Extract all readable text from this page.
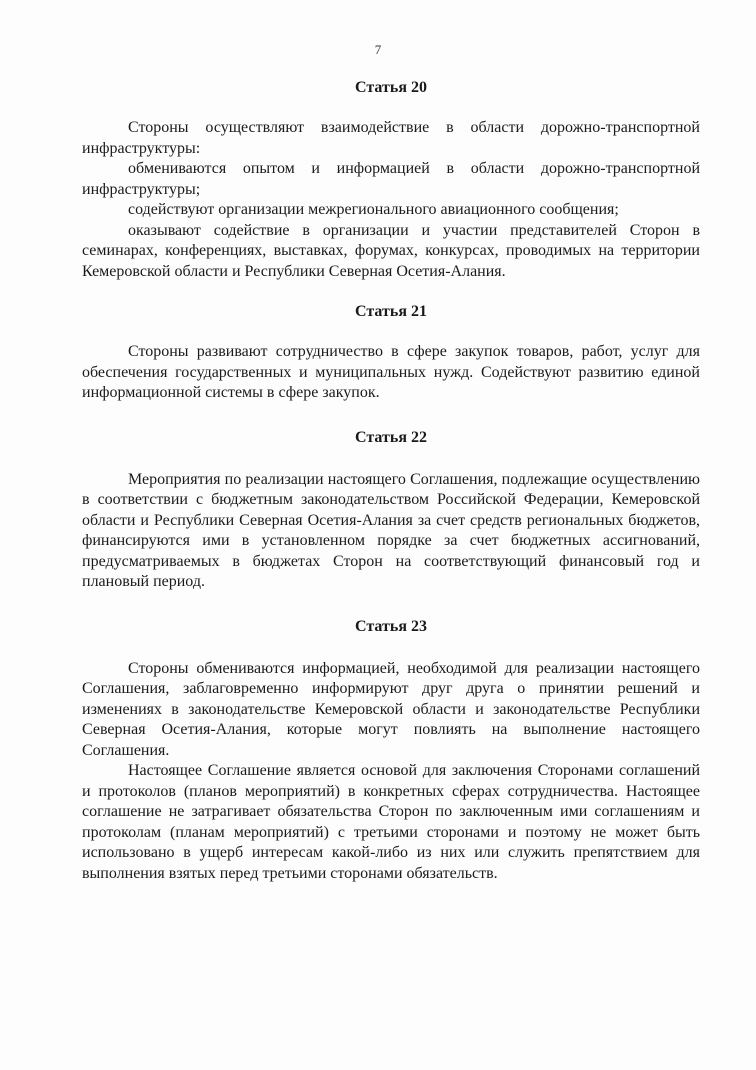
7

Статья 20

Стороны осуществляют взаимодействие в области дорожно-транспортной инфраструктуры:

обмениваются опытом и информацией в области дорожно-транспортной инфраструктуры;

содействуют организации межрегионального авиационного сообщения;

оказывают содействие в организации и участии представителей Сторон в семинарах, конференциях, выставках, форумах, конкурсах, проводимых на территории Кемеровской области и Республики Северная Осетия-Алания.

Статья 21

Стороны развивают сотрудничество в сфере закупок товаров, работ, услуг для обеспечения государственных и муниципальных нужд. Содействуют развитию единой информационной системы в сфере закупок.

Статья 22

Мероприятия по реализации настоящего Соглашения, подлежащие осуществлению в соответствии с бюджетным законодательством Российской Федерации, Кемеровской области и Республики Северная Осетия-Алания за счет средств региональных бюджетов, финансируются ими в установленном порядке за счет бюджетных ассигнований, предусматриваемых в бюджетах Сторон на соответствующий финансовый год и плановый период.

Статья 23

Стороны обмениваются информацией, необходимой для реализации настоящего Соглашения, заблаговременно информируют друг друга о принятии решений и изменениях в законодательстве Кемеровской области и законодательстве Республики Северная Осетия-Алания, которые могут повлиять на выполнение настоящего Соглашения.

Настоящее Соглашение является основой для заключения Сторонами соглашений и протоколов (планов мероприятий) в конкретных сферах сотрудничества. Настоящее соглашение не затрагивает обязательства Сторон по заключенным ими соглашениям и протоколам (планам мероприятий) с третьими сторонами и поэтому не может быть использовано в ущерб интересам какой-либо из них или служить препятствием для выполнения взятых перед третьими сторонами обязательств.
